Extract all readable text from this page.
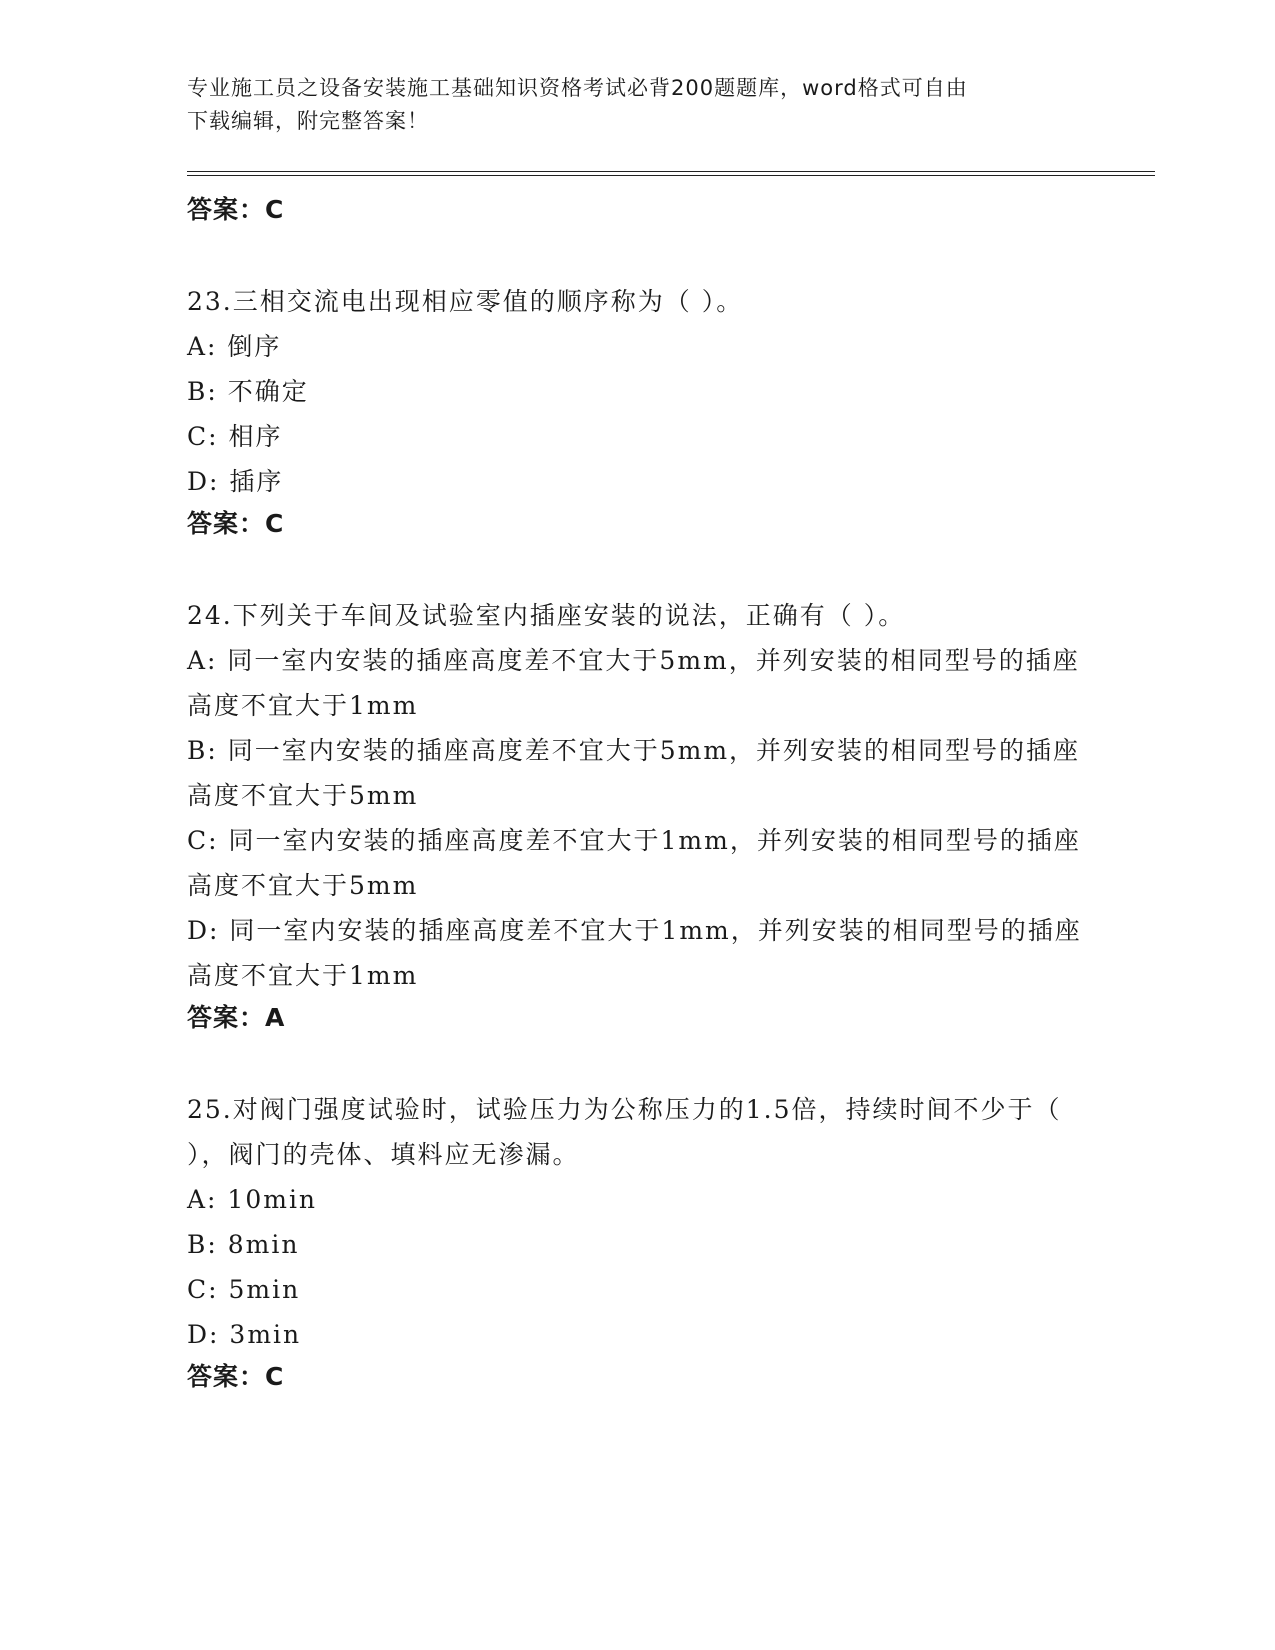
专业施工员之设备安装施工基础知识资格考试必背200题题库，word格式可自由
下载编辑，附完整答案！
答案：C

23.三相交流电出现相应零值的顺序称为（ ）。

A: 倒序

B: 不确定

C: 相序

D: 插序

答案：C

24.下列关于车间及试验室内插座安装的说法，正确有（ ）。

A: 同一室内安装的插座高度差不宜大于5mm，并列安装的相同型号的插座高度不宜大于1mm

B: 同一室内安装的插座高度差不宜大于5mm，并列安装的相同型号的插座高度不宜大于5mm

C: 同一室内安装的插座高度差不宜大于1mm，并列安装的相同型号的插座高度不宜大于5mm

D: 同一室内安装的插座高度差不宜大于1mm，并列安装的相同型号的插座高度不宜大于1mm

答案：A

25.对阀门强度试验时，试验压力为公称压力的1.5倍，持续时间不少于（ ），阀门的壳体、填料应无渗漏。

A: 10min

B: 8min

C: 5min

D: 3min

答案：C
